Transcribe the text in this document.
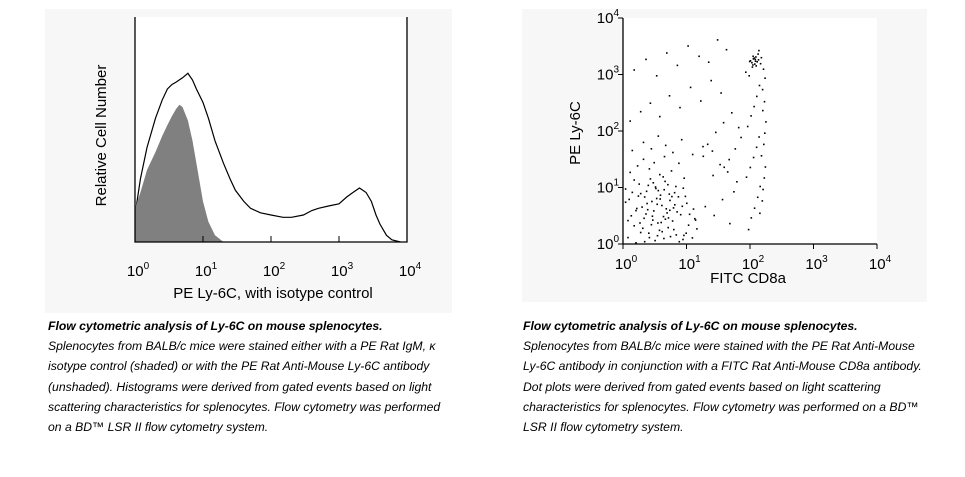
$10^0$	$10^1$	$10^2$	$10^3$	$10^4$
PE Ly-6C, with isotype control
Relative Cell Number
$10^0$	$10^1$	$10^2$	$10^3$	$10^4$
$10^0$
$10^1$
$10^2$
$10^3$
$10^4$
FITC CD8a
PE Ly-6C
Flow cytometric analysis of Ly-6C on mouse splenocytes.  Splenocytes from BALB/c mice were stained either with a PE Rat IgM, κ isotype control (shaded) or with the PE Rat Anti-Mouse Ly-6C antibody (unshaded). Histograms were derived from gated events based on light scattering characteristics for splenocytes. Flow cytometry was performed on a BD™ LSR II flow cytometry system.
Flow cytometric analysis of Ly-6C on mouse splenocytes.  Splenocytes from BALB/c mice were stained with the PE Rat Anti-Mouse Ly-6C antibody in conjunction with a FITC Rat Anti-Mouse CD8a antibody. Dot plots were derived from gated events based on light scattering characteristics for splenocytes. Flow cytometry was performed on a BD™ LSR II flow cytometry system.
